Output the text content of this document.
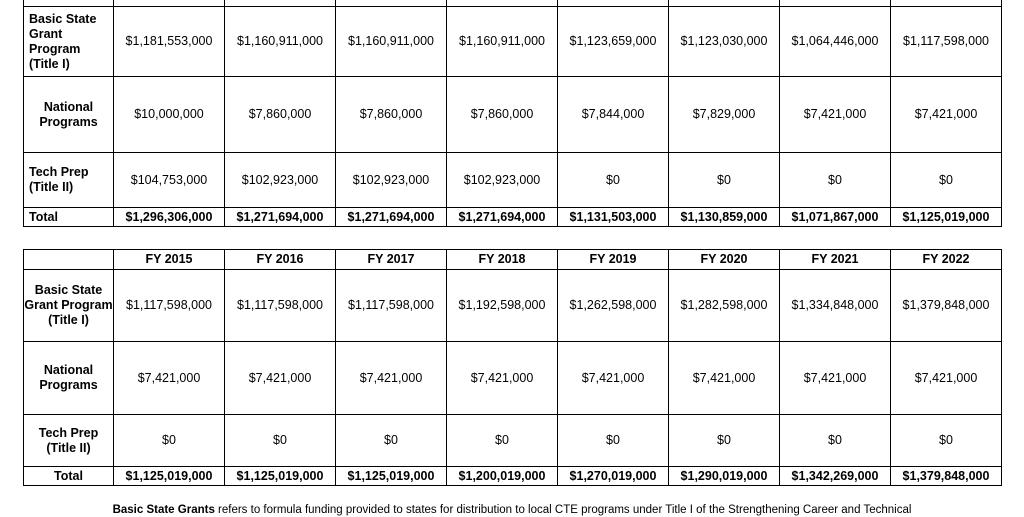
Basic State Grant Program (Title I)	$1,181,553,000	$1,160,911,000	$1,160,911,000	$1,160,911,000	$1,123,659,000	$1,123,030,000	$1,064,446,000	$1,117,598,000
National Programs	$10,000,000	$7,860,000	$7,860,000	$7,860,000	$7,844,000	$7,829,000	$7,421,000	$7,421,000
Tech Prep (Title II)	$104,753,000	$102,923,000	$102,923,000	$102,923,000	$0	$0	$0	$0
Total	$1,296,306,000	$1,271,694,000	$1,271,694,000	$1,271,694,000	$1,131,503,000	$1,130,859,000	$1,071,867,000	$1,125,019,000
	FY 2015	FY 2016	FY 2017	FY 2018	FY 2019	FY 2020	FY 2021	FY 2022
Basic State Grant Program (Title I)	$1,117,598,000	$1,117,598,000	$1,117,598,000	$1,192,598,000	$1,262,598,000	$1,282,598,000	$1,334,848,000	$1,379,848,000
National Programs	$7,421,000	$7,421,000	$7,421,000	$7,421,000	$7,421,000	$7,421,000	$7,421,000	$7,421,000
Tech Prep (Title II)	$0	$0	$0	$0	$0	$0	$0	$0
Total	$1,125,019,000	$1,125,019,000	$1,125,019,000	$1,200,019,000	$1,270,019,000	$1,290,019,000	$1,342,269,000	$1,379,848,000
Basic State Grants refers to formula funding provided to states for distribution to local CTE programs under Title I of the Strengthening Career and Technical
